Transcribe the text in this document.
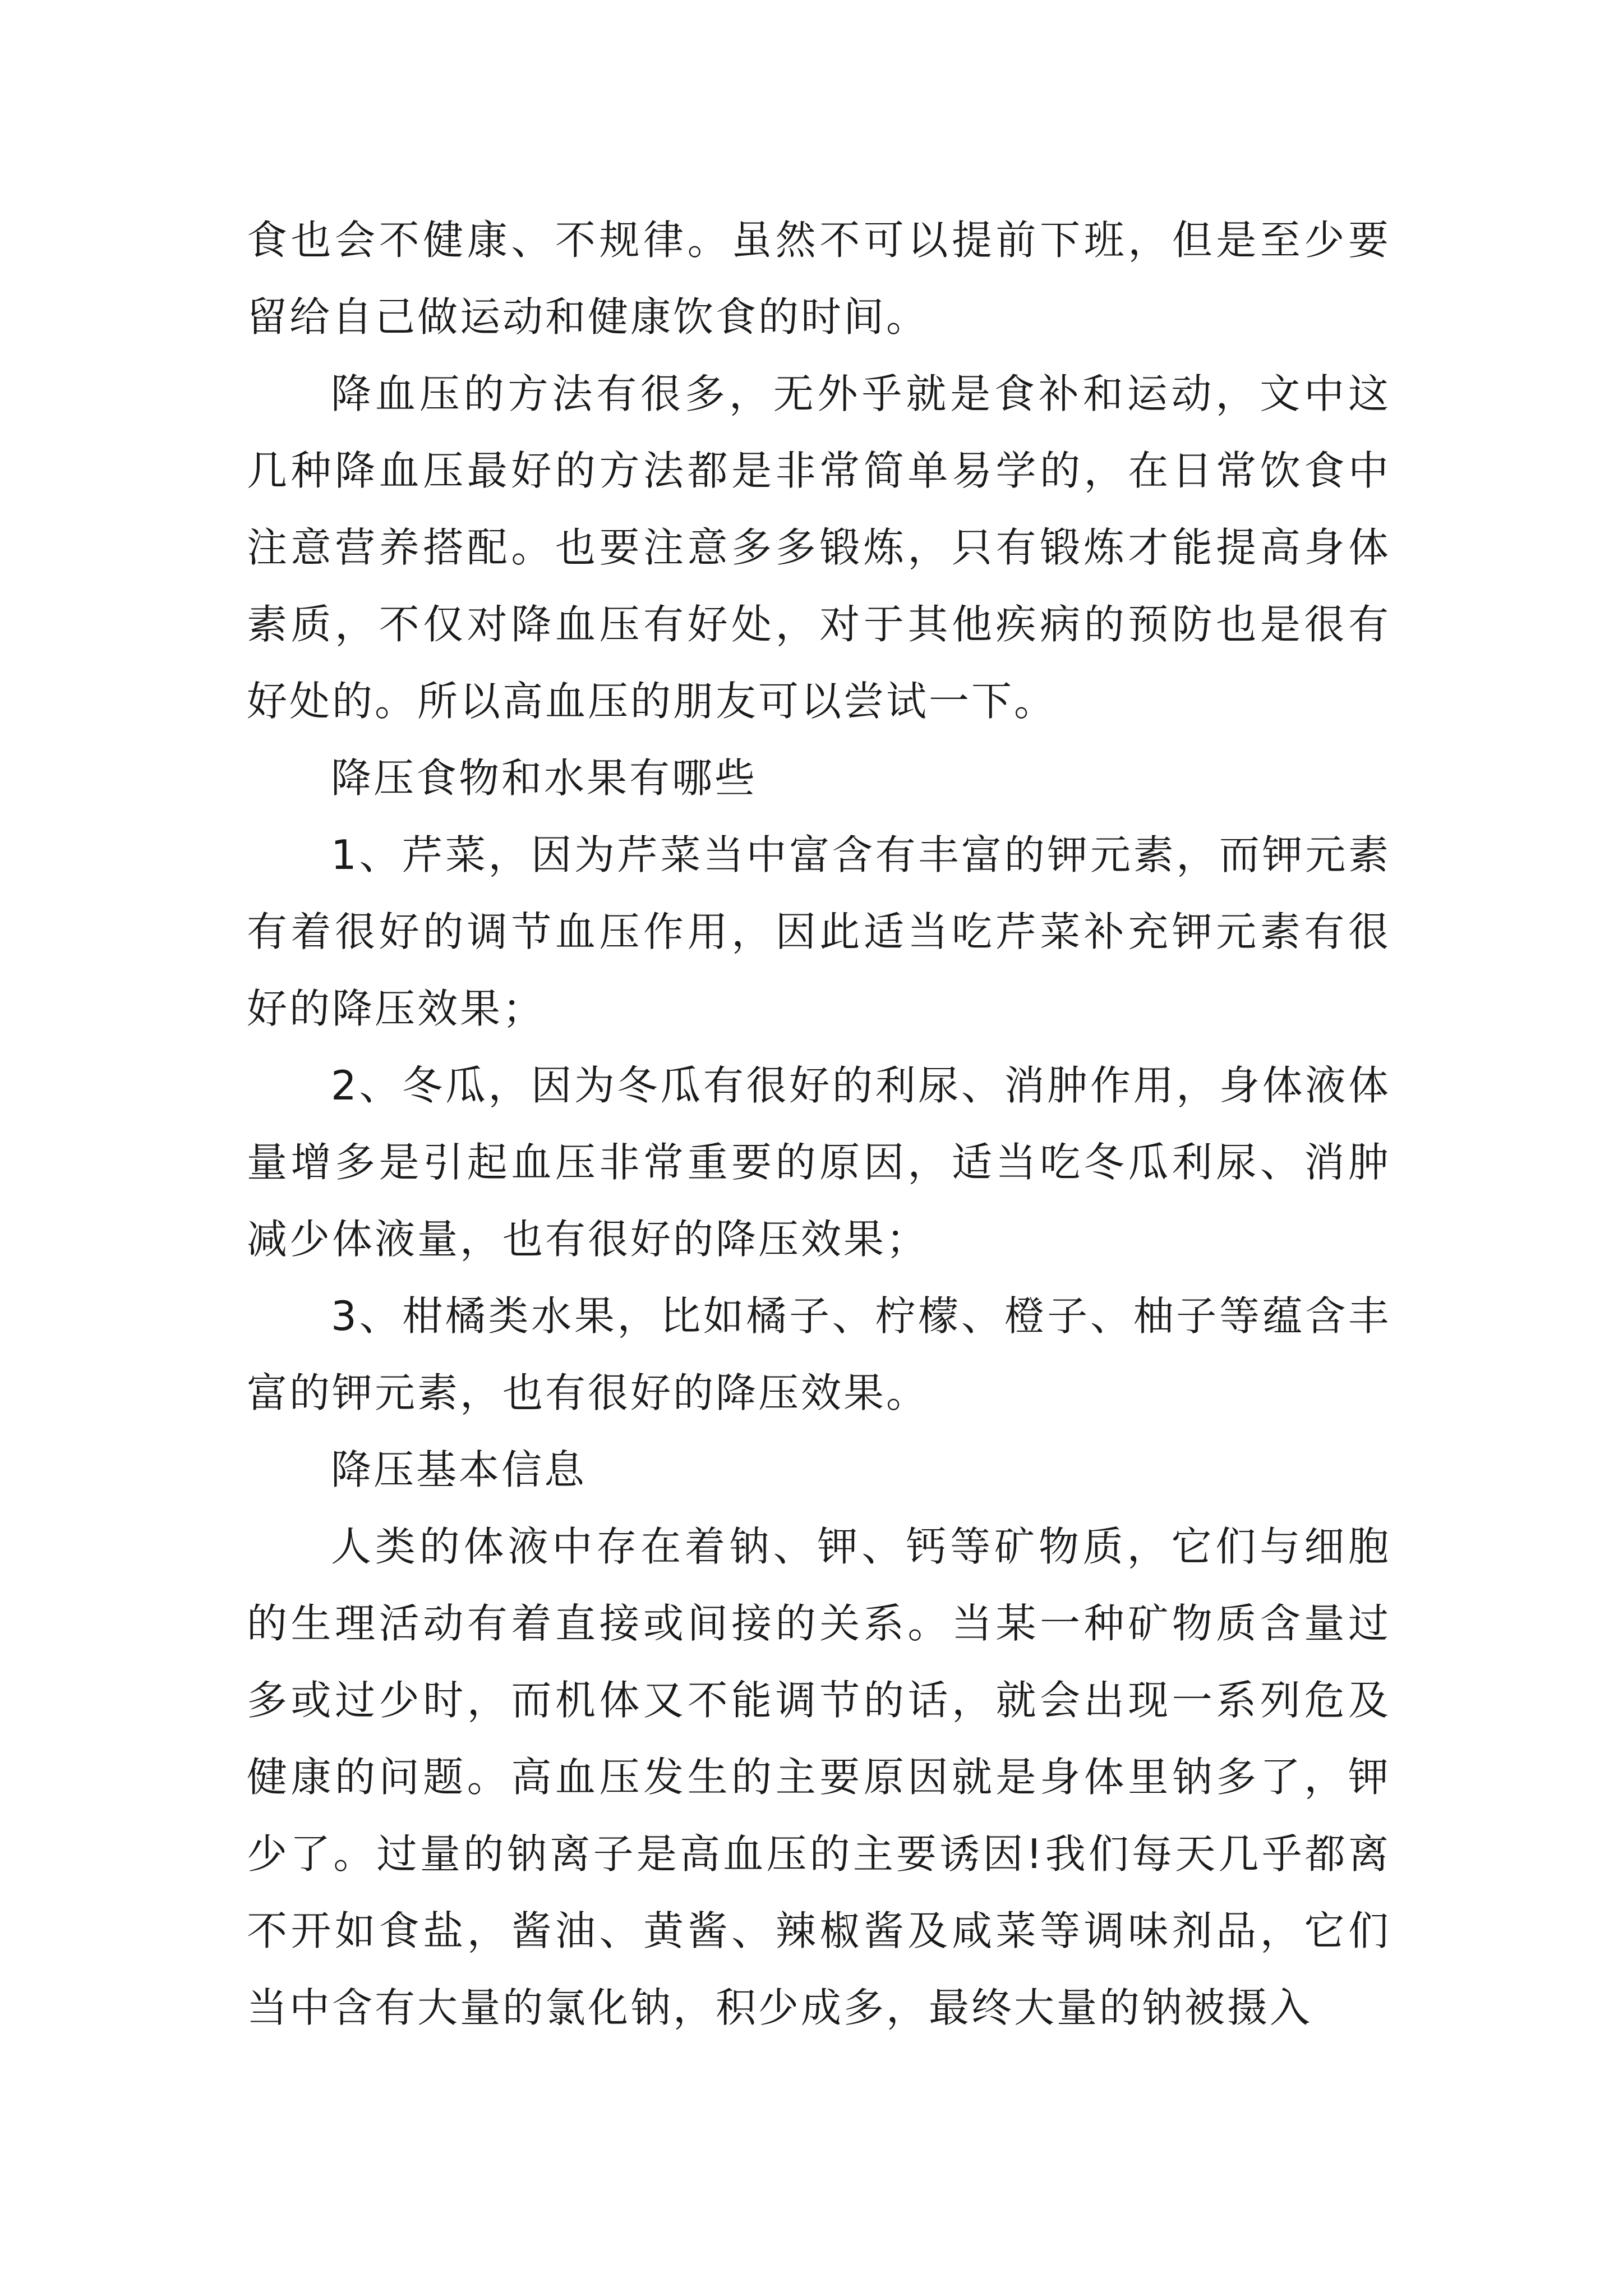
食也会不健康、不规律。虽然不可以提前下班，但是至少要留给自己做运动和健康饮食的时间。

降血压的方法有很多，无外乎就是食补和运动，文中这几种降血压最好的方法都是非常简单易学的，在日常饮食中注意营养搭配。也要注意多多锻炼，只有锻炼才能提高身体素质，不仅对降血压有好处，对于其他疾病的预防也是很有好处的。所以高血压的朋友可以尝试一下。

降压食物和水果有哪些

1、芹菜，因为芹菜当中富含有丰富的钾元素，而钾元素有着很好的调节血压作用，因此适当吃芹菜补充钾元素有很好的降压效果；

2、冬瓜，因为冬瓜有很好的利尿、消肿作用，身体液体量增多是引起血压非常重要的原因，适当吃冬瓜利尿、消肿减少体液量，也有很好的降压效果；

3、柑橘类水果，比如橘子、柠檬、橙子、柚子等蕴含丰富的钾元素，也有很好的降压效果。

降压基本信息

人类的体液中存在着钠、钾、钙等矿物质，它们与细胞的生理活动有着直接或间接的关系。当某一种矿物质含量过多或过少时，而机体又不能调节的话，就会出现一系列危及健康的问题。高血压发生的主要原因就是身体里钠多了，钾少了。过量的钠离子是高血压的主要诱因!我们每天几乎都离不开如食盐，酱油、黄酱、辣椒酱及咸菜等调味剂品，它们当中含有大量的氯化钠，积少成多，最终大量的钠被摄入
